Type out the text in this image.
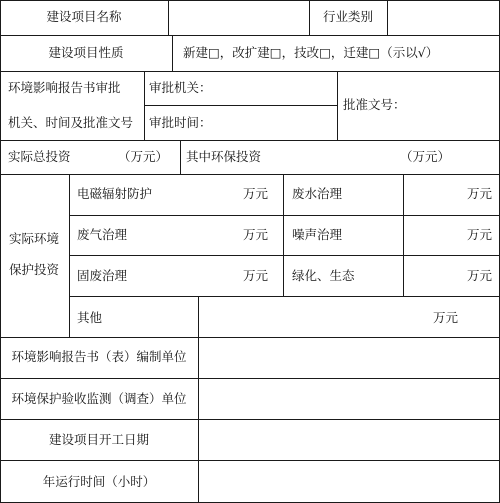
建设项目名称	行业类别
建设项目性质	新建□，改扩建□，技改□，迁建□（示以√）
环境影响报告书审批
机关、时间及批准文号
审批机关：
审批时间：
批准文号：
实际总投资	（万元） 其中环保投资	（万元）
实际环境
保护投资
电磁辐射防护	万元 废水治理	万元
废气治理	万元 噪声治理	万元
固废治理	万元 绿化、生态	万元
其他	万元
环境影响报告书（表）编制单位
环境保护验收监测（调查）单位
建设项目开工日期
年运行时间（小时）
